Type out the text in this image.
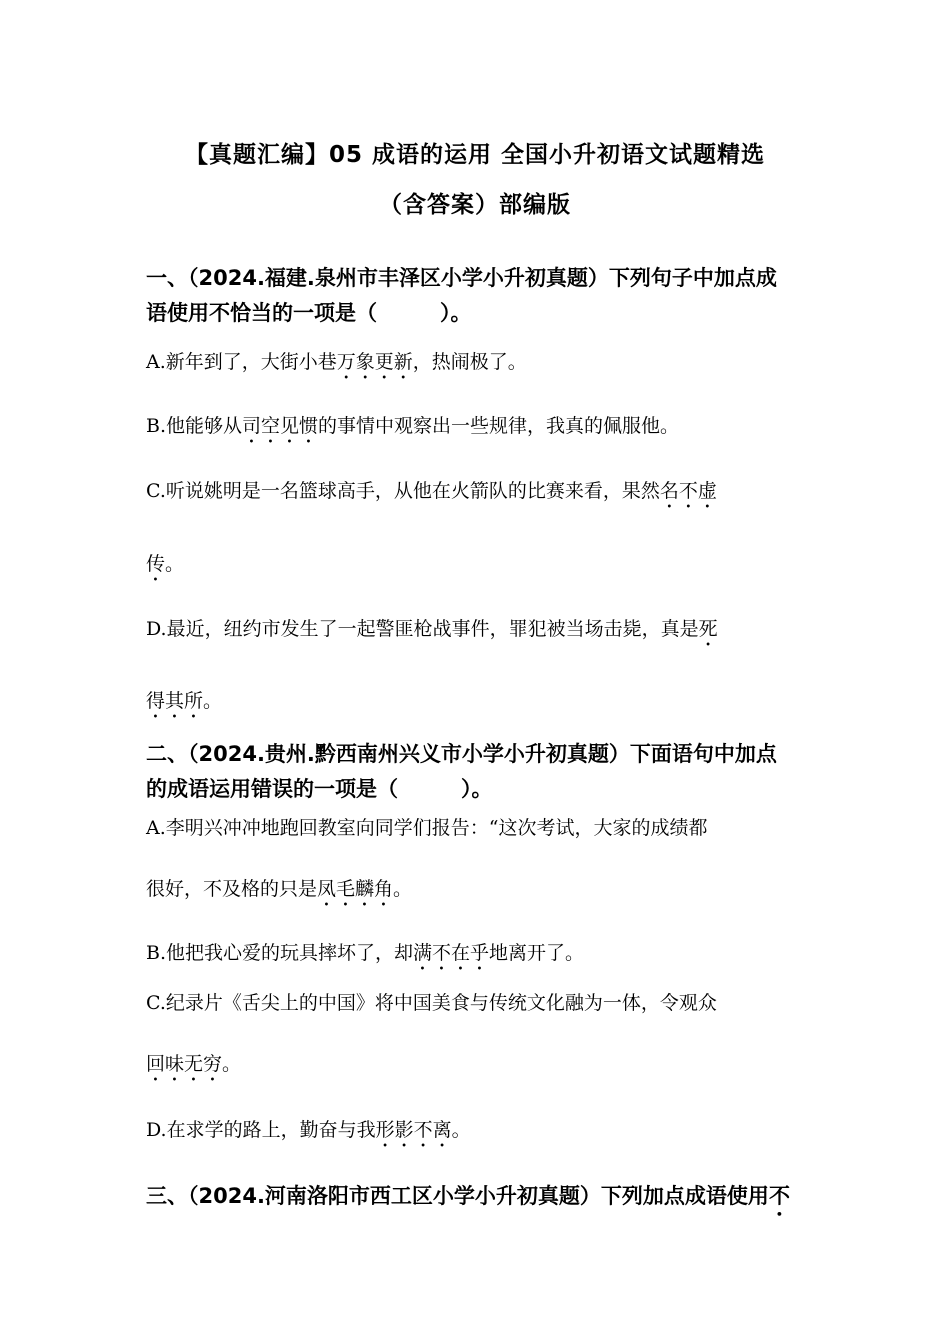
【真题汇编】05 成语的运用 全国小升初语文试题精选
（含答案）部编版
一、（2024.福建.泉州市丰泽区小学小升初真题）下列句子中加点成
语使用不恰当的一项是（　　　）。
A.新年到了，大街小巷万象更新，热闹极了。
B.他能够从司空见惯的事情中观察出一些规律，我真的佩服他。
C.听说姚明是一名篮球高手，从他在火箭队的比赛来看，果然名不虚
传。
D.最近，纽约市发生了一起警匪枪战事件，罪犯被当场击毙，真是死
得其所。
二、（2024.贵州.黔西南州兴义市小学小升初真题）下面语句中加点
的成语运用错误的一项是（　　　）。
A.李明兴冲冲地跑回教室向同学们报告：“这次考试，大家的成绩都
很好，不及格的只是凤毛麟角。
B.他把我心爱的玩具摔坏了，却满不在乎地离开了。
C.纪录片《舌尖上的中国》将中国美食与传统文化融为一体，令观众
回味无穷。
D.在求学的路上，勤奋与我形影不离。
三、（2024.河南洛阳市西工区小学小升初真题）下列加点成语使用不
